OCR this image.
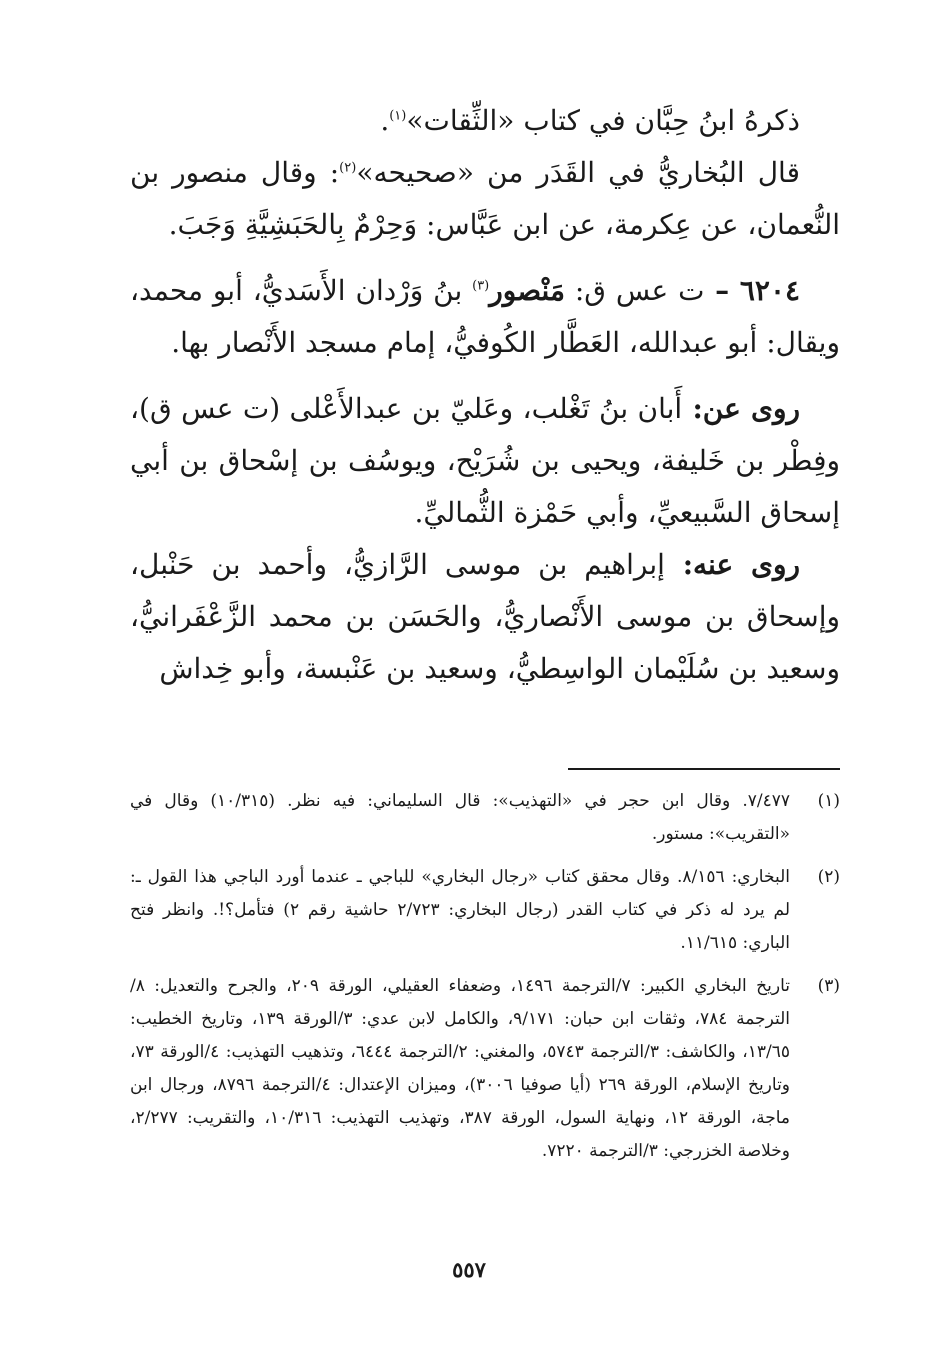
ذكرهُ ابنُ حِبَّان في كتاب «الثِّقات»$^{(١)}$.

قال البُخاريُّ في القَدَر من «صحيحه»$^{(٢)}$: وقال منصور بن النُّعمان، عن عِكرمة، عن ابن عَبَّاس: وَحِرْمٌ بِالحَبَشِيَّةِ وَجَبَ.

٦٢٠٤ – ت عس ق: مَنْصور$^{(٣)}$ بنُ وَرْدان الأَسَديُّ، أبو محمد، ويقال: أبو عبدالله، العَطَّار الكُوفيُّ، إمام مسجد الأَنْصار بها.

روى عن: أَبان بنُ تَغْلب، وعَليّ بن عبدالأَعْلى (ت عس ق)، وفِطْر بن خَليفة، ويحيى بن شُرَيْح، ويوسُف بن إسْحاق بن أبي إسحاق السَّبيعيِّ، وأبي حَمْزة الثُّماليِّ.

روى عنه: إبراهيم بن موسى الرَّازيُّ، وأحمد بن حَنْبل، وإسحاق بن موسى الأَنْصاريُّ، والحَسَن بن محمد الزَّعْفَرانيُّ، وسعيد بن سُلَيْمان الواسِطيُّ، وسعيد بن عَنْبسة، وأبو خِداش

(١)
٧/٤٧٧. وقال ابن حجر في «التهذيب»: قال السليماني: فيه نظر. (١٠/٣١٥) وقال في «التقريب»: مستور.
(٢)
البخاري: ٨/١٥٦. وقال محقق كتاب «رجال البخاري» للباجي ـ عندما أورد الباجي هذا القول ـ: لم يرد له ذكر في كتاب القدر (رجال البخاري: ٢/٧٢٣ حاشية رقم ٢) فتأمل؟!. وانظر فتح الباري: ١١/٦١٥.
(٣)
تاريخ البخاري الكبير: ٧/الترجمة ١٤٩٦، وضعفاء العقيلي، الورقة ٢٠٩، والجرح والتعديل: ٨/الترجمة ٧٨٤، وثقات ابن حبان: ٩/١٧١، والكامل لابن عدي: ٣/الورقة ١٣٩، وتاريخ الخطيب: ١٣/٦٥، والكاشف: ٣/الترجمة ٥٧٤٣، والمغني: ٢/الترجمة ٦٤٤٤، وتذهيب التهذيب: ٤/الورقة ٧٣، وتاريخ الإسلام، الورقة ٢٦٩ (أيا صوفيا ٣٠٠٦)، وميزان الإعتدال: ٤/الترجمة ٨٧٩٦، ورجال ابن ماجة، الورقة ١٢، ونهاية السول، الورقة ٣٨٧، وتهذيب التهذيب: ١٠/٣١٦، والتقريب: ٢/٢٧٧، وخلاصة الخزرجي: ٣/الترجمة ٧٢٢٠.
٥٥٧
